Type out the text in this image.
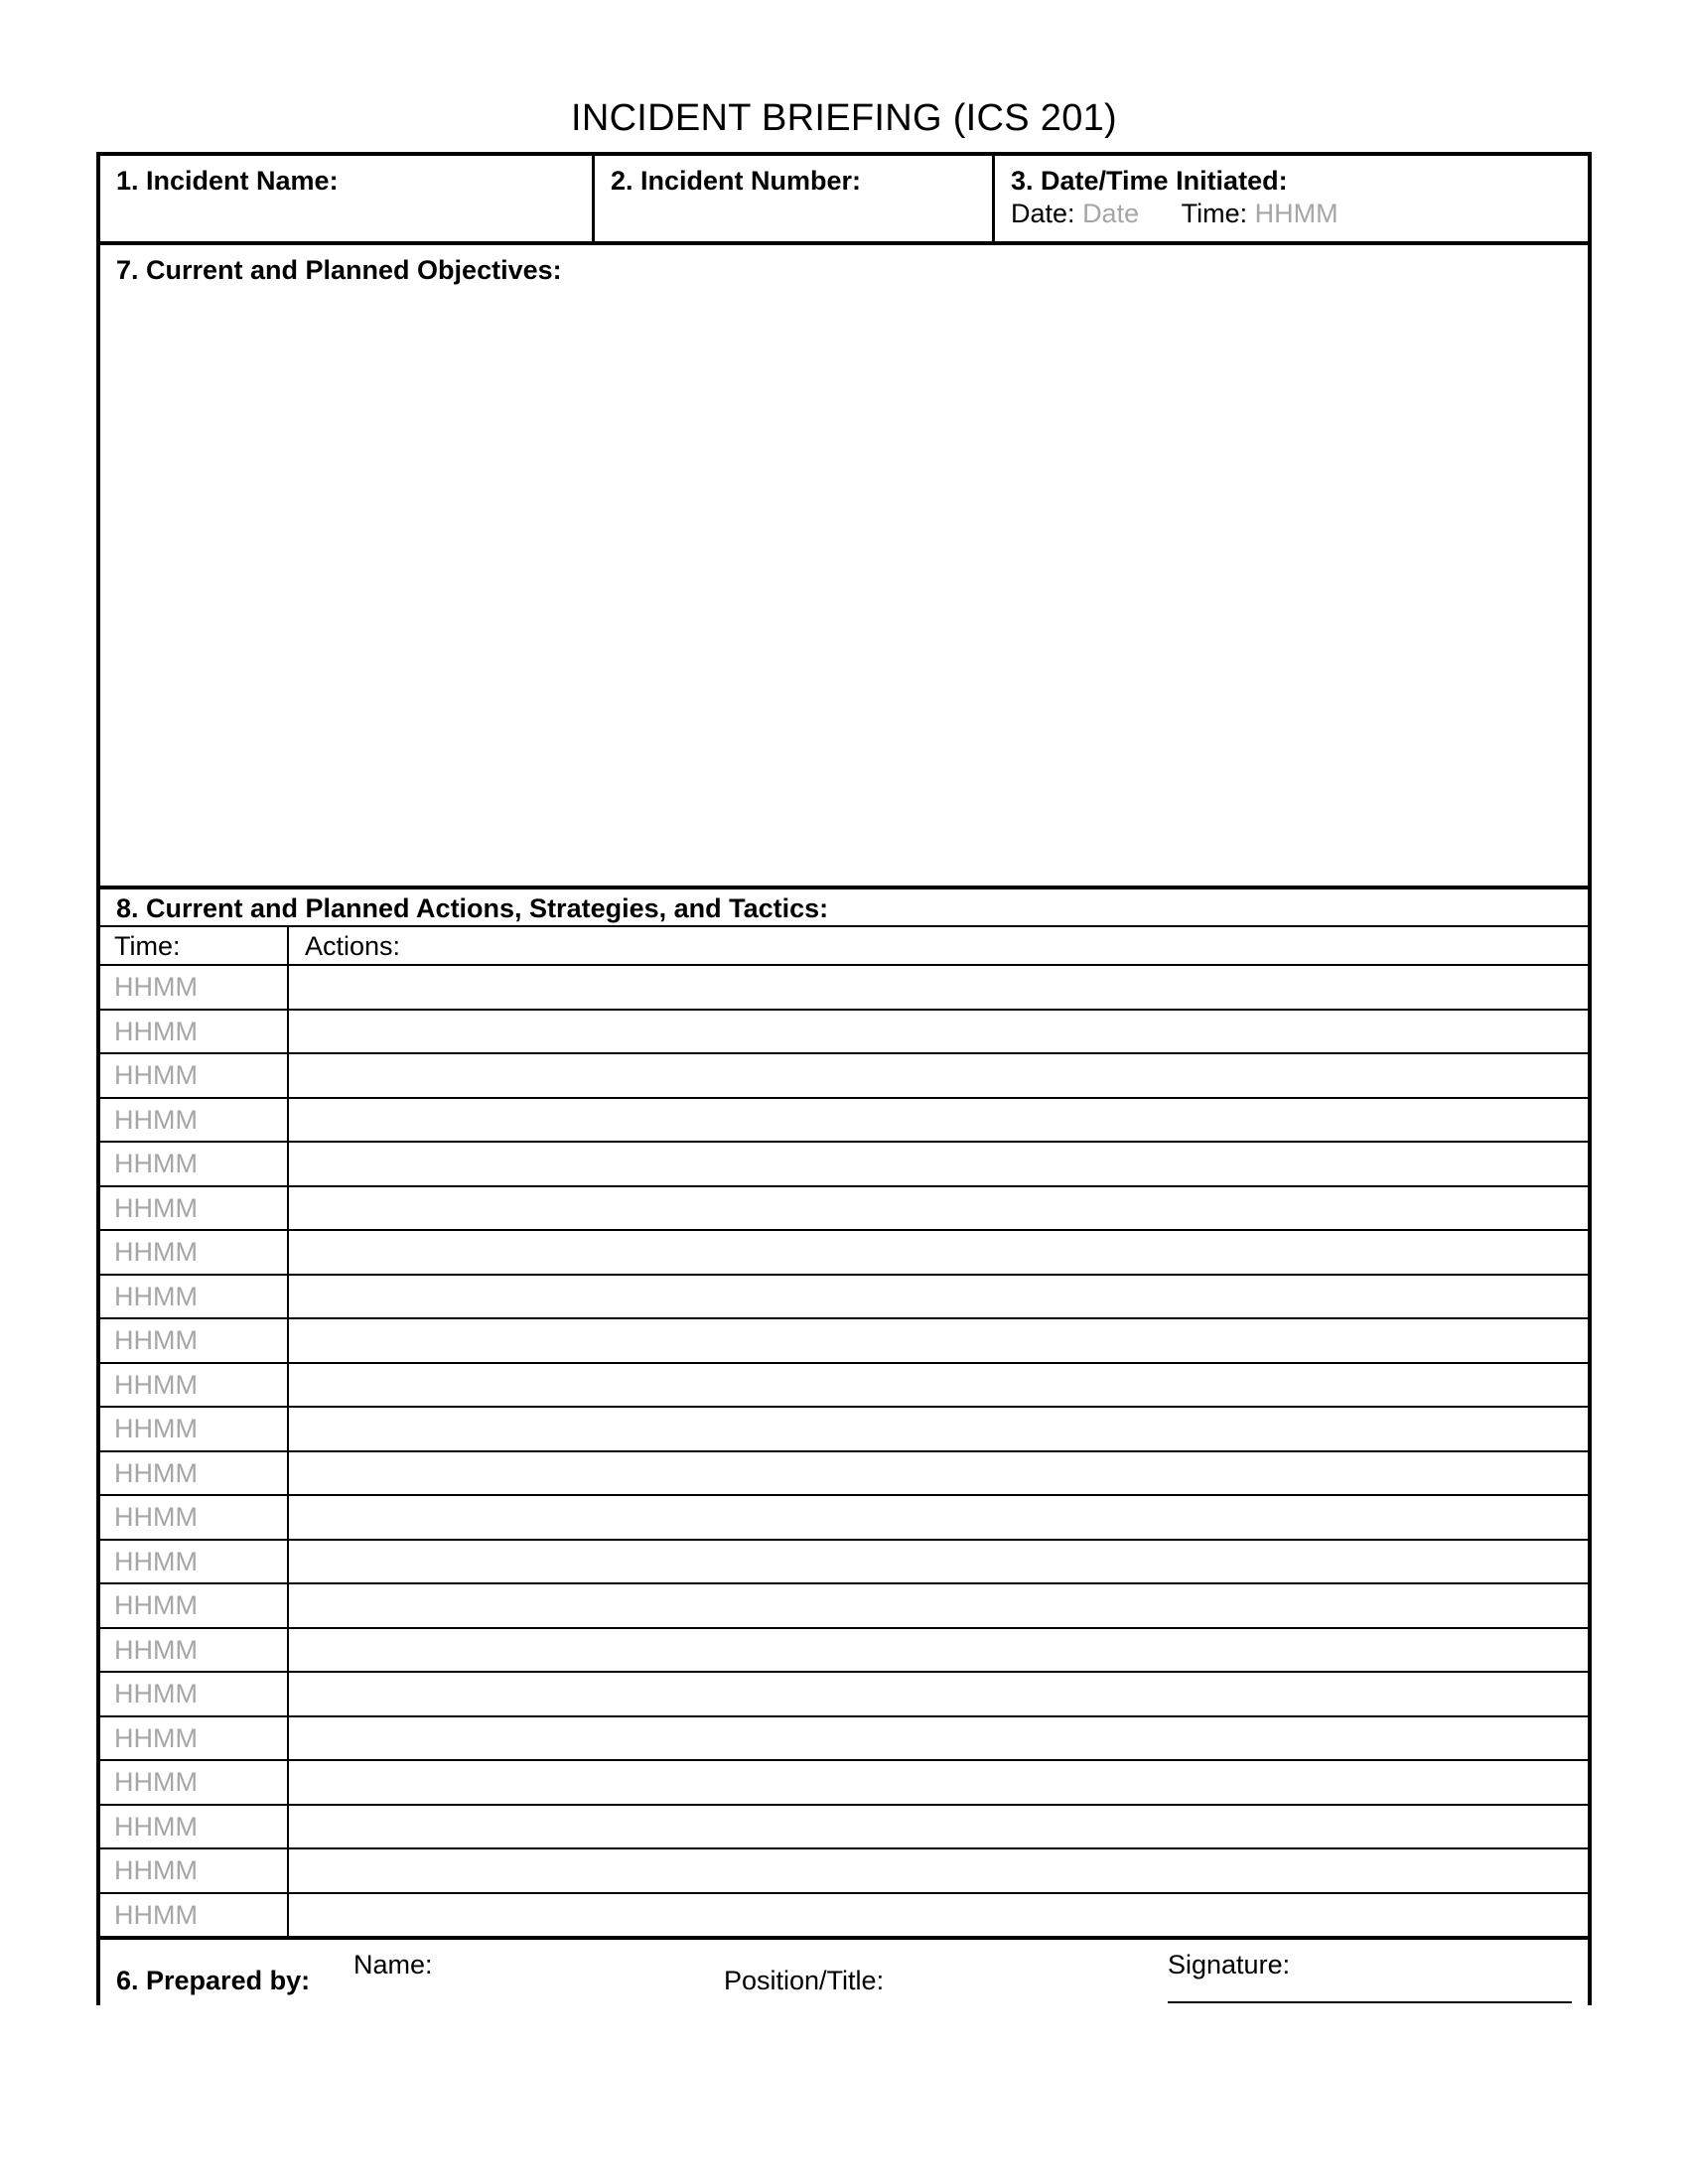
INCIDENT BRIEFING (ICS 201)
1. Incident Name:	2. Incident Number:	3. Date/Time Initiated:
Date: Date Time: HHMM
7. Current and Planned Objectives:
8. Current and Planned Actions, Strategies, and Tactics:
Time:	Actions:
HHMM
HHMM
HHMM
HHMM
HHMM
HHMM
HHMM
HHMM
HHMM
HHMM
HHMM
HHMM
HHMM
HHMM
HHMM
HHMM
HHMM
HHMM
HHMM
HHMM
HHMM
HHMM
6. Prepared by:
Name:
Position/Title:
Signature:
